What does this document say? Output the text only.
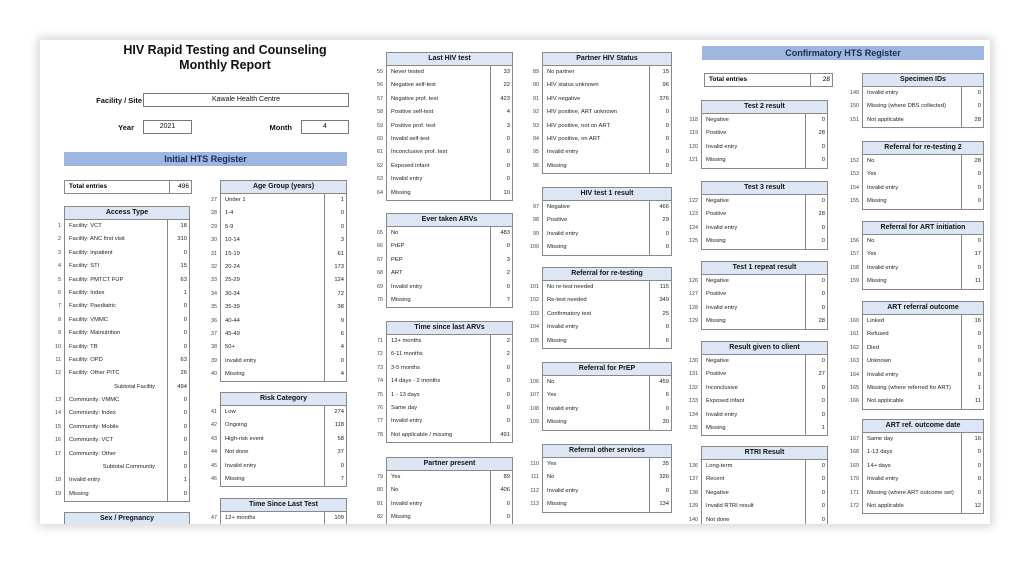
HIV Rapid Testing and Counseling
Monthly Report
Facility / Site	Kawale Health Centre
Year	2021	Month	4
Initial HTS Register
Confirmatory HTS Register
Total entries	496
Total entries	28
Access Type
1 Facility: VCT	18
2 Facility: ANC first visit	310
3 Facility: Inpatient	0
4 Facility: STI	15
5 Facility: PMTCT FUP	63
6 Facility: Index	1
7 Facility: Paediatric	0
8 Facility: VMMC	0
9 Facility: Malnutrition	0
10 Facility: TB	0
11 Facility: OPD	63
12 Facility: Other PITC	26
Subtotal Facility	494
13 Community: VMMC	0
14 Community: Index	0
15 Community: Mobile	0
16 Community: VCT	0
17 Community: Other	0
Subtotal Community	0
18 Invalid entry	1
19 Missing	0
Sex / Pregnancy
Age Group (years)
27 Under 1	1
28 1-4	0
29 5-9	0
30 10-14	3
31 15-19	61
32 20-24	173
33 25-29	124
34 30-34	72
35 35-39	38
36 40-44	9
37 45-49	6
38 50+	4
39 Invalid entry	0
40 Missing	4
Risk Category
41 Low	274
42 Ongoing	118
43 High-risk event	58
44 Not done	37
45 Invalid entry	0
46 Missing	7
Time Since Last Test
47 12+ months	109
Last HIV test
55 Never tested	33
56 Negative self-test	22
57 Negative prof. test	423
58 Positive self-test	4
59 Positive prof. test	3
60 Invalid self-test	0
61 Inconclusive prof. test	0
62 Exposed infant	0
63 Invalid entry	0
64 Missing	10
Ever taken ARVs
65 No	483
66 PrEP	0
67 PEP	3
68 ART	2
69 Invalid entry	0
70 Missing	7
Time since last ARVs
71 12+ months	2
72 6-11 months	2
73 3-5 months	0
74 14 days - 2 months	0
75 1 - 13 days	0
76 Same day	0
77 Invalid entry	0
78 Not applicable / missing	491
Partner present
79 Yes	89
80 No	406
81 Invalid entry	0
82 Missing	0
Partner HIV Status
89 No partner	15
90 HIV status unknown	96
91 HIV negative	376
92 HIV positive, ART unknown	0
93 HIV positive, not on ART	0
94 HIV positive, on ART	0
95 Invalid entry	0
96 Missing	0
HIV test 1 result
97 Negative	466
98 Positive	29
99 Invalid entry	0
100 Missing	0
Referral for re-testing
101 No re-test needed	115
102 Re-test needed	349
103 Confirmatory test	25
104 Invalid entry	0
105 Missing	6
Referral for PrEP
106 No	459
107 Yes	6
108 Invalid entry	0
109 Missing	30
Referral other services
110 Yes	35
111 No	326
112 Invalid entry	0
113 Missing	134
Test 2 result
118 Negative	0
119 Positive	28
120 Invalid entry	0
121 Missing	0
Test 3 result
122 Negative	0
123 Positive	28
124 Invalid entry	0
125 Missing	0
Test 1 repeat result
126 Negative	0
127 Positive	0
128 Invalid entry	0
129 Missing	28
Result given to client
130 Negative	0
131 Positive	27
132 Inconclusive	0
133 Exposed infant	0
134 Invalid entry	0
135 Missing	1
RTRI Result
136 Long-term	0
137 Recent	0
138 Negative	0
139 Invalid RTRI result	0
140 Not done	0
Specimen IDs
149 Invalid entry	0
150 Missing (where DBS collected)	0
151 Not applicable	28
Referral for re-testing 2
152 No	28
153 Yes	0
154 Invalid entry	0
155 Missing	0
Referral for ART initiation
156 No	0
157 Yes	17
158 Invalid entry	0
159 Missing	11
ART referral outcome
160 Linked	16
161 Refused	0
162 Died	0
163 Unknown	0
164 Invalid entry	0
165 Missing (where referred for ART)	1
166 Not applicable	11
ART ref. outcome date
167 Same day	16
168 1-13 days	0
169 14+ days	0
170 Invalid entry	0
171 Missing (where ART outcome set)	0
172 Not applicable	12
